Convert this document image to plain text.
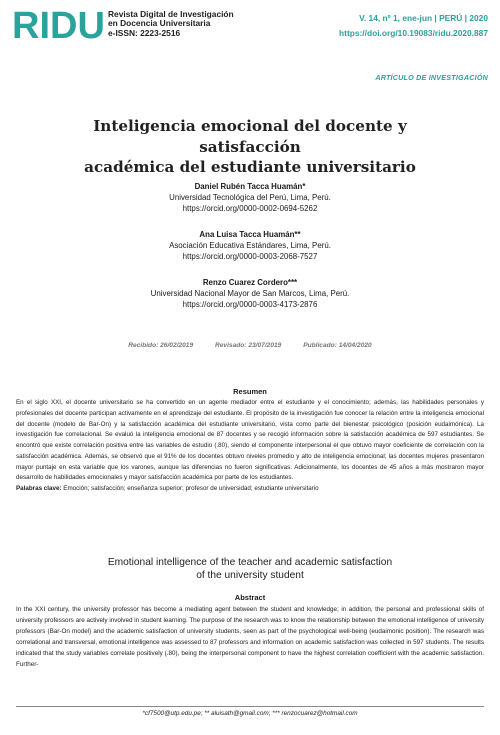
RIDU Revista Digital de Investigación
en Docencia Universitaria
e-ISSN: 2223-2516
V. 14, nº 1, ene-jun | PERÚ | 2020
https://doi.org/10.19083/ridu.2020.887
ARTÍCULO DE INVESTIGACIÓN
Inteligencia emocional del docente y satisfacción
académica del estudiante universitario
Daniel Rubén Tacca Huamán*
Universidad Tecnológica del Perú, Lima, Perú.
https://orcid.org/0000-0002-0694-5262
Ana Luisa Tacca Huamán**
Asociación Educativa Estándares, Lima, Perú.
https://orcid.org/0000-0003-2068-7527
Renzo Cuarez Cordero***
Universidad Nacional Mayor de San Marcos, Lima, Perú.
https://orcid.org/0000-0003-4173-2876
Recibido: 26/02/2019	Revisado: 23/07/2019	Publicado: 14/04/2020
Resumen
En el siglo XXI, el docente universitario se ha convertido en un agente mediador entre el estudiante y el conocimiento; además, las habilidades personales y profesionales del docente participan activamente en el aprendizaje del estudiante. El propósito de la investigación fue conocer la relación entre la inteligencia emocional del docente (modelo de Bar-On) y la satisfacción académica del estudiante universitario, vista como parte del bienestar psicológico (posición eudaimónica). La investigación fue correlacional. Se evaluó la inteligencia emocional de 87 docentes y se recogió información sobre la satisfacción académica de 597 estudiantes. Se encontró que existe correlación positiva entre las variables de estudio (.80), siendo el componente interpersonal el que obtuvo mayor coeficiente de correlación con la satisfacción académica. Además, se observó que el 91% de los docentes obtuvo niveles promedio y alto de inteligencia emocional; las docentes mujeres presentaron mayor puntaje en esta variable que los varones, aunque las diferencias no fueron significativas. Adicionalmente, los docentes de 45 años a más mostraron mayor desarrollo de habilidades emocionales y mayor satisfacción académica por parte de los estudiantes.
Palabras clave: Emoción; satisfacción; enseñanza superior; profesor de universidad; estudiante universitario
Emotional intelligence of the teacher and academic satisfaction
of the university student
Abstract
In the XXI century, the university professor has become a mediating agent between the student and knowledge; in addition, the personal and professional skills of university professors are actively involved in student learning. The purpose of the research was to know the relationship between the emotional intelligence of university professors (Bar-On model) and the academic satisfaction of university students, seen as part of the psychological well-being (eudaimonic position). The research was correlational and transversal, emotional intelligence was assessed to 87 professors and information on academic satisfaction was collected in 597 students. The results indicated that the study variables correlate positively (.80), being the interpersonal component to have the highest correlation coefficient with the academic satisfaction. Further-
*cf7500@utp.edu.pe; ** aluisath@gmail.com; *** renzocuarez@hotmail.com
